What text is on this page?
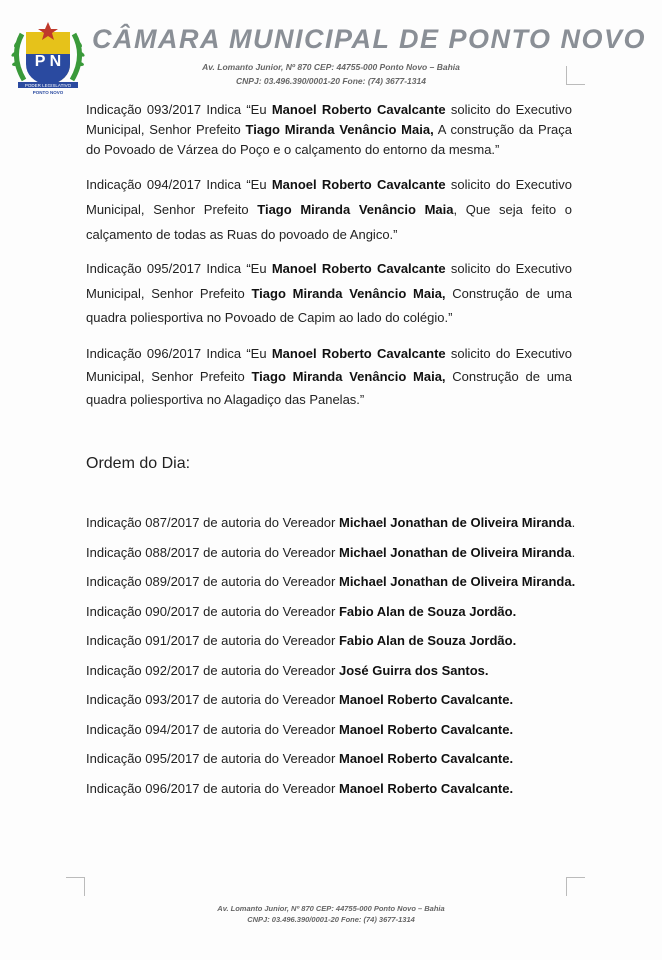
P N
PODER LEGISLATIVO
PONTO NOVO
CÂMARA MUNICIPAL DE PONTO NOVO
Av. Lomanto Junior, Nº 870 CEP: 44755-000 Ponto Novo – Bahia
CNPJ: 03.496.390/0001-20 Fone: (74) 3677-1314

Indicação 093/2017 Indica “Eu Manoel Roberto Cavalcante solicito do Executivo Municipal, Senhor Prefeito Tiago Miranda Venâncio Maia, A construção da Praça do Povoado de Várzea do Poço e o calçamento do entorno da mesma.”

Indicação 094/2017 Indica “Eu Manoel Roberto Cavalcante solicito do Executivo Municipal, Senhor Prefeito Tiago Miranda Venâncio Maia, Que seja feito o calçamento de todas as Ruas do povoado de Angico.”

Indicação 095/2017 Indica “Eu Manoel Roberto Cavalcante solicito do Executivo Municipal, Senhor Prefeito Tiago Miranda Venâncio Maia, Construção de uma quadra poliesportiva no Povoado de Capim ao lado do colégio.”

Indicação 096/2017 Indica “Eu Manoel Roberto Cavalcante solicito do Executivo Municipal, Senhor Prefeito Tiago Miranda Venâncio Maia, Construção de uma quadra poliesportiva no Alagadiço das Panelas.”

Ordem do Dia:
Indicação 087/2017 de autoria do Vereador Michael Jonathan de Oliveira Miranda.
Indicação 088/2017 de autoria do Vereador Michael Jonathan de Oliveira Miranda.
Indicação 089/2017 de autoria do Vereador Michael Jonathan de Oliveira Miranda.
Indicação 090/2017 de autoria do Vereador Fabio Alan de Souza Jordão.
Indicação 091/2017 de autoria do Vereador Fabio Alan de Souza Jordão.
Indicação 092/2017 de autoria do Vereador José Guirra dos Santos.
Indicação 093/2017 de autoria do Vereador Manoel Roberto Cavalcante.
Indicação 094/2017 de autoria do Vereador Manoel Roberto Cavalcante.
Indicação 095/2017 de autoria do Vereador Manoel Roberto Cavalcante.
Indicação 096/2017 de autoria do Vereador Manoel Roberto Cavalcante.
Av. Lomanto Junior, Nº 870 CEP: 44755-000 Ponto Novo – Bahia
CNPJ: 03.496.390/0001-20 Fone: (74) 3677-1314
